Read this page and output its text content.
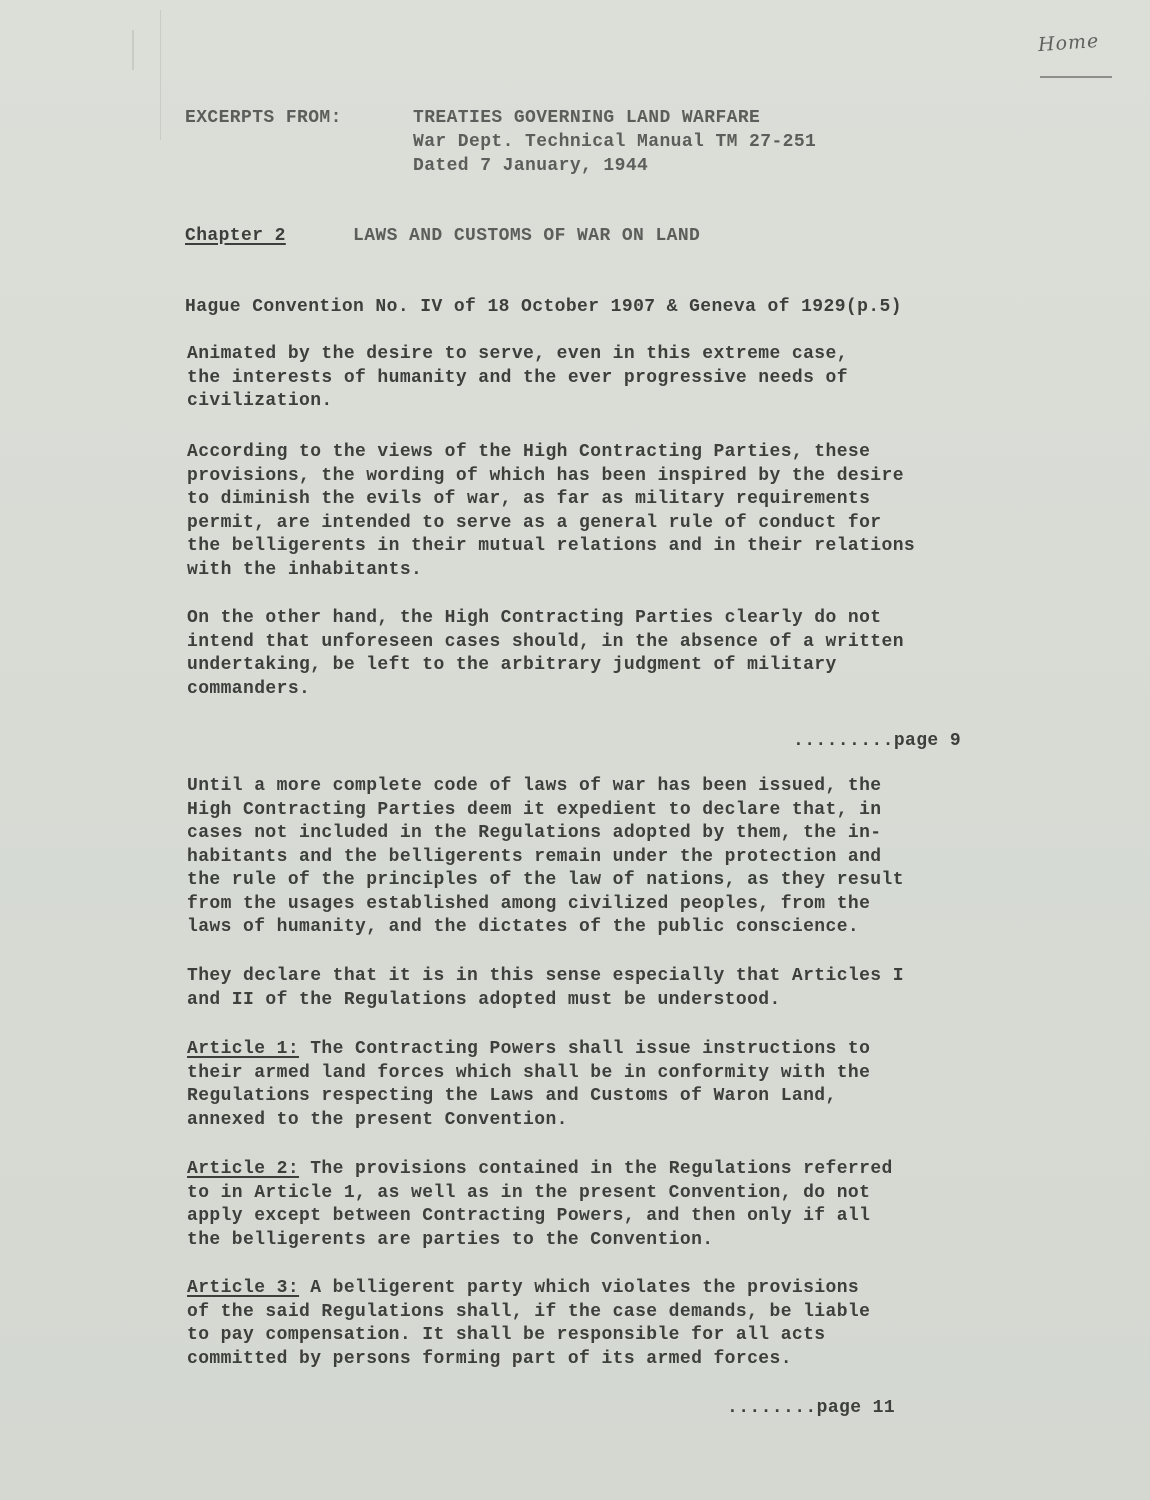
Home
EXCERPTS FROM:	TREATIES GOVERNING LAND WARFARE
War Dept. Technical Manual TM 27-251
Dated 7 January, 1944
Chapter 2	LAWS AND CUSTOMS OF WAR ON LAND
Hague Convention No. IV of 18 October 1907 & Geneva of 1929(p.5)
Animated by the desire to serve, even in this extreme case,
the interests of humanity and the ever progressive needs of
civilization.
According to the views of the High Contracting Parties, these
provisions, the wording of which has been inspired by the desire
to diminish the evils of war, as far as military requirements
permit, are intended to serve as a general rule of conduct for
the belligerents in their mutual relations and in their relations
with the inhabitants.
On the other hand, the High Contracting Parties clearly do not
intend that unforeseen cases should, in the absence of a written
undertaking, be left to the arbitrary judgment of military
commanders.
.........page 9
Until a more complete code of laws of war has been issued, the
High Contracting Parties deem it expedient to declare that, in
cases not included in the Regulations adopted by them, the in-
habitants and the belligerents remain under the protection and
the rule of the principles of the law of nations, as they result
from the usages established among civilized peoples, from the
laws of humanity, and the dictates of the public conscience.
They declare that it is in this sense especially that Articles I
and II of the Regulations adopted must be understood.
Article 1: The Contracting Powers shall issue instructions to
their armed land forces which shall be in conformity with the
Regulations respecting the Laws and Customs of Waron Land,
annexed to the present Convention.
Article 2: The provisions contained in the Regulations referred
to in Article 1, as well as in the present Convention, do not
apply except between Contracting Powers, and then only if all
the belligerents are parties to the Convention.
Article 3: A belligerent party which violates the provisions
of the said Regulations shall, if the case demands, be liable
to pay compensation. It shall be responsible for all acts
committed by persons forming part of its armed forces.
........page 11
